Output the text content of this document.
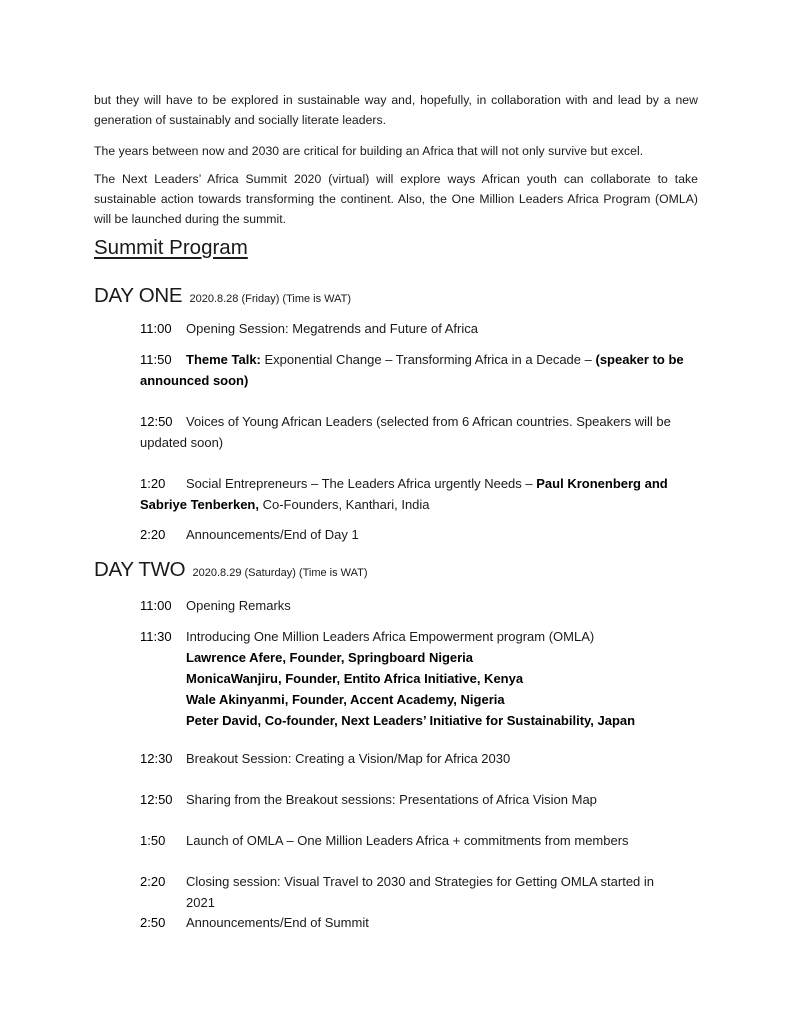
but they will have to be explored in sustainable way and, hopefully, in collaboration with and lead by a new generation of sustainably and socially literate leaders.

The years between now and 2030 are critical for building an Africa that will not only survive but excel.

The Next Leaders’ Africa Summit 2020 (virtual) will explore ways African youth can collaborate to take sustainable action towards transforming the continent. Also, the One Million Leaders Africa Program (OMLA) will be launched during the summit.

Summit Program
DAY ONE 2020.8.28 (Friday) (Time is WAT)
11:00 Opening Session: Megatrends and Future of Africa
11:50 Theme Talk: Exponential Change – Transforming Africa in a Decade – (speaker to be announced soon)
12:50 Voices of Young African Leaders (selected from 6 African countries. Speakers will be updated soon)
1:20 Social Entrepreneurs – The Leaders Africa urgently Needs – Paul Kronenberg and Sabriye Tenberken, Co-Founders, Kanthari, India
2:20 Announcements/End of Day 1
DAY TWO 2020.8.29 (Saturday) (Time is WAT)
11:00 Opening Remarks
11:30 Introducing One Million Leaders Africa Empowerment program (OMLA)
Lawrence Afere, Founder, Springboard Nigeria
MonicaWanjiru, Founder, Entito Africa Initiative, Kenya
Wale Akinyanmi, Founder, Accent Academy, Nigeria
Peter David, Co-founder, Next Leaders’ Initiative for Sustainability, Japan
12:30 Breakout Session: Creating a Vision/Map for Africa 2030
12:50 Sharing from the Breakout sessions: Presentations of Africa Vision Map
1:50 Launch of OMLA – One Million Leaders Africa + commitments from members
2:20 Closing session: Visual Travel to 2030 and Strategies for Getting OMLA started in
2021
2:50 Announcements/End of Summit
